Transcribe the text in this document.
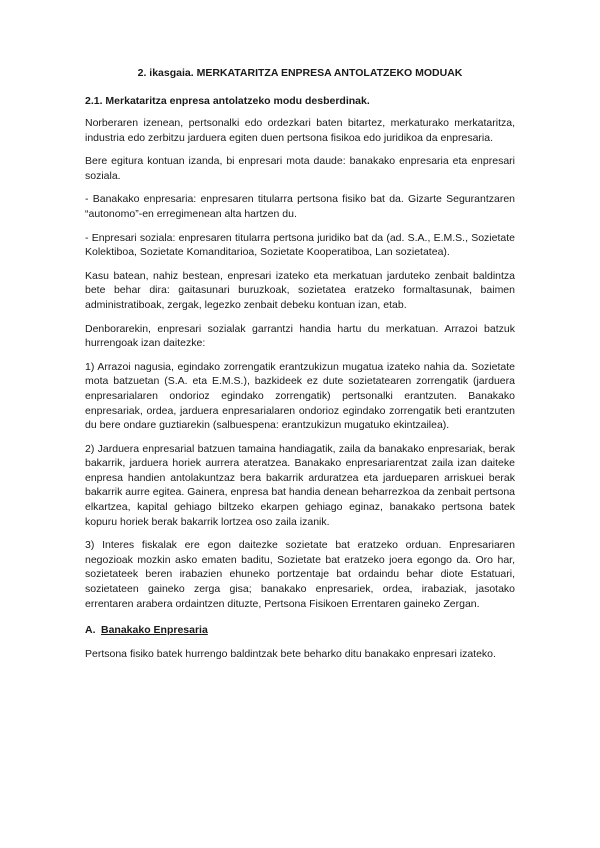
2. ikasgaia. MERKATARITZA ENPRESA ANTOLATZEKO MODUAK
2.1. Merkataritza enpresa antolatzeko modu desberdinak.

Norberaren izenean, pertsonalki edo ordezkari baten bitartez, merkaturako merkataritza, industria edo zerbitzu jarduera egiten duen pertsona fisikoa edo juridikoa da enpresaria.

Bere egitura kontuan izanda, bi enpresari mota daude: banakako enpresaria eta enpresari soziala.

- Banakako enpresaria: enpresaren titularra pertsona fisiko bat da. Gizarte Segurantzaren “autonomo”-en erregimenean alta hartzen du.

- Enpresari soziala: enpresaren titularra pertsona juridiko bat da (ad. S.A., E.M.S., Sozietate Kolektiboa, Sozietate Komanditarioa, Sozietate Kooperatiboa, Lan sozietatea).

Kasu batean, nahiz bestean, enpresari izateko eta merkatuan jarduteko zenbait baldintza bete behar dira: gaitasunari buruzkoak, sozietatea eratzeko formaltasunak, baimen administratiboak, zergak, legezko zenbait debeku kontuan izan, etab.

Denborarekin, enpresari sozialak garrantzi handia hartu du merkatuan. Arrazoi batzuk hurrengoak izan daitezke:

1) Arrazoi nagusia, egindako zorrengatik erantzukizun mugatua izateko nahia da. Sozietate mota batzuetan (S.A. eta E.M.S.), bazkideek ez dute sozietatearen zorrengatik (jarduera enpresarialaren ondorioz egindako zorrengatik) pertsonalki erantzuten. Banakako enpresariak, ordea, jarduera enpresarialaren ondorioz egindako zorrengatik beti erantzuten du bere ondare guztiarekin (salbuespena: erantzukizun mugatuko ekintzailea).

2) Jarduera enpresarial batzuen tamaina handiagatik, zaila da banakako enpresariak, berak bakarrik, jarduera horiek aurrera ateratzea. Banakako enpresariarentzat zaila izan daiteke enpresa handien antolakuntzaz bera bakarrik arduratzea eta jarduераren arriskuei berak bakarrik aurre egitea. Gainera, enpresa bat handia denean beharrezkoa da zenbait pertsona elkartzea, kapital gehiago biltzeko ekarpen gehiago eginaz, banakako pertsona batek kopuru horiek berak bakarrik lortzea oso zaila izanik.

3) Interes fiskalak ere egon daitezke sozietate bat eratzeko orduan. Enpresariaren negozioak mozkin asko ematen baditu, Sozietate bat eratzeko joera egongo da. Oro har, sozietateek beren irabazien ehuneko portzentaje bat ordaindu behar diote Estatuari, sozietateen gaineko zerga gisa; banakako enpresariek, ordea, irabaziak, jasotako errentaren arabera ordaintzen dituzte, Pertsona Fisikoen Errentaren gaineko Zergan.

A. Banakako Enpresaria

Pertsona fisiko batek hurrengo baldintzak bete beharko ditu banakako enpresari izateko.
